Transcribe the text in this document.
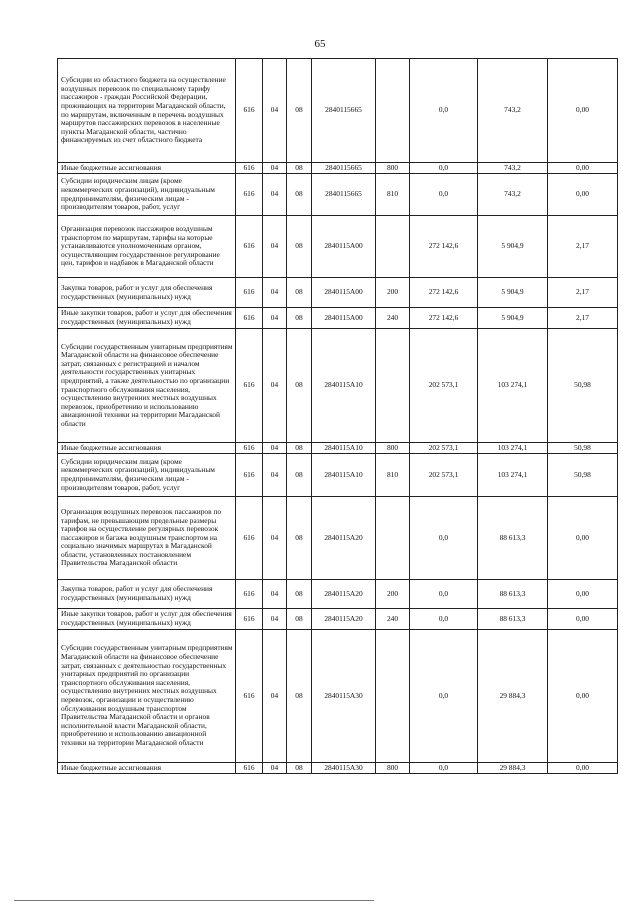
65
Субсидии из областного бюджета на осуществление воздушных перевозок по специальному тарифу пассажиров - граждан Российской Федерации, проживающих на территории Магаданской области, по маршрутам, включенным в перечень воздушных маршрутов пассажирских перевозок в населенные пункты Магаданской области, частично финансируемых из счет областного бюджета	616	04	08	2840115665		0,0	743,2	0,00
Иные бюджетные ассигнования	616	04	08	2840115665	800	0,0	743,2	0,00
Субсидии юридическим лицам (кроме некоммерческих организаций), индивидуальным предпринимателям, физическим лицам - производителям товаров, работ, услуг	616	04	08	2840115665	810	0,0	743,2	0,00
Организация перевозок пассажиров воздушным транспортом по маршрутам, тарифы на которые устанавливаются уполномоченным органом, осуществляющим государственное регулирование цен, тарифов и надбавок в Магаданской области	616	04	08	2840115А00		272 142,6	5 904,9	2,17
Закупка товаров, работ и услуг для обеспечения государственных (муниципальных) нужд	616	04	08	2840115А00	200	272 142,6	5 904,9	2,17
Иные закупки товаров, работ и услуг для обеспечения государственных (муниципальных) нужд	616	04	08	2840115А00	240	272 142,6	5 904,9	2,17
Субсидии государственным унитарным предприятиям Магаданской области на финансовое обеспечение затрат, связанных с регистрацией и началом деятельности государственных унитарных предприятий, а также деятельностью по организации транспортного обслуживания населения, осуществлению внутренних местных воздушных перевозок, приобретению и использованию авиационной техники на территории Магаданской области	616	04	08	2840115А10		202 573,1	103 274,1	50,98
Иные бюджетные ассигнования	616	04	08	2840115А10	800	202 573,1	103 274,1	50,98
Субсидии юридическим лицам (кроме некоммерческих организаций), индивидуальным предпринимателям, физическим лицам - производителям товаров, работ, услуг	616	04	08	2840115А10	810	202 573,1	103 274,1	50,98
Организация воздушных перевозок пассажиров по тарифам, не превышающим предельные размеры тарифов на осуществление регулярных перевозок пассажиров и багажа воздушным транспортом на социально значимых маршрутах в Магаданской области, установленных постановлением Правительства Магаданской области	616	04	08	2840115А20		0,0	88 613,3	0,00
Закупка товаров, работ и услуг для обеспечения государственных (муниципальных) нужд	616	04	08	2840115А20	200	0,0	88 613,3	0,00
Иные закупки товаров, работ и услуг для обеспечения государственных (муниципальных) нужд	616	04	08	2840115А20	240	0,0	88 613,3	0,00
Субсидии государственным унитарным предприятиям Магаданской области на финансовое обеспечение затрат, связанных с деятельностью государственных унитарных предприятий по организации транспортного обслуживания населения, осуществлению внутренних местных воздушных перевозок, организации и осуществлению обслуживания воздушным транспортом Правительства Магаданской области и органов исполнительной власти Магаданской области, приобретению и использованию авиационной техники на территории Магаданской области	616	04	08	2840115А30		0,0	29 884,3	0,00
Иные бюджетные ассигнования	616	04	08	2840115А30	800	0,0	29 884,3	0,00
